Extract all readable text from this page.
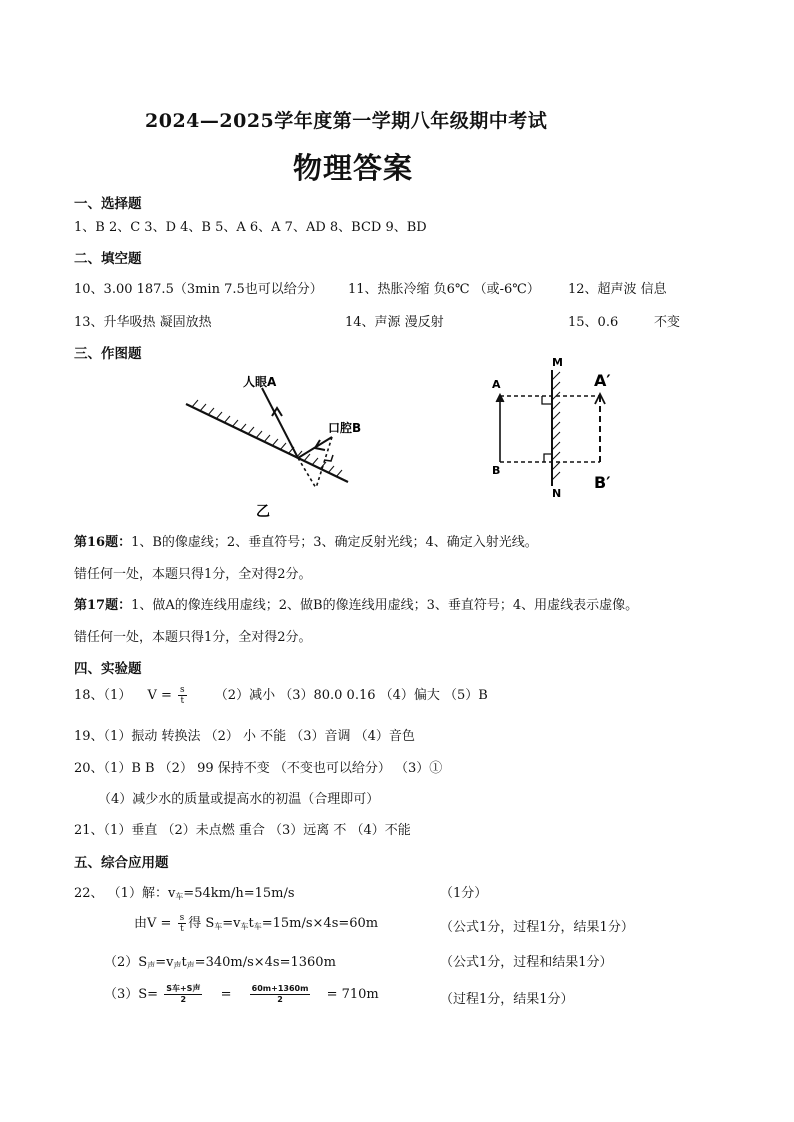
2024—2025学年度第一学期八年级期中考试
物理答案
一、选择题
1、B 2、C 3、D 4、B 5、A 6、A 7、AD 8、BCD 9、BD
二、填空题
10、3.00 187.5（3min 7.5也可以给分） 11、热胀冷缩 负6℃ （或-6℃） 12、超声波 信息
13、升华吸热 凝固放热	14、声源 漫反射	15、0.6	不变
三、作图题
人眼A
口腔B
乙
M
N
A
B
A′
B′
第16题：1、B的像虚线；2、垂直符号；3、确定反射光线；4、确定入射光线。
错任何一处，本题只得1分，全对得2分。
第17题：1、做A的像连线用虚线；2、做B的像连线用虚线；3、垂直符号；4、用虚线表示虚像。
错任何一处，本题只得1分，全对得2分。
四、实验题
18、（1） $V = \frac{s}{t} (2)$减小 （3）80.0 0.16 （4）偏大 （5）B
19、（1）振动 转换法 （2） 小 不能 （3）音调 （4）音色
20、（1）B B （2） 99 保持不变 （不变也可以给分） （3）①
（4）减少水的质量或提高水的初温（合理即可）
21、（1）垂直 （2）未点燃 重合 （3）远离 不 （4）不能
五、综合应用题
22、 （1）解：$v_车=54km/h=15m/s$	（1分）
由$V = \frac{s}{t}$ 得 $S_车=v_车t_车=15m/s\times 4s=60m$	（公式1分，过程1分，结果1分）
$(2)S_声=v_声t_声=340m/s\times 4s=1360m$	（公式1分，过程和结果1分）
$(3)S= \frac{\text{S车+S声}}{2} = \frac{60m+1360m}{2} = 710m$	（过程1分，结果1分）
